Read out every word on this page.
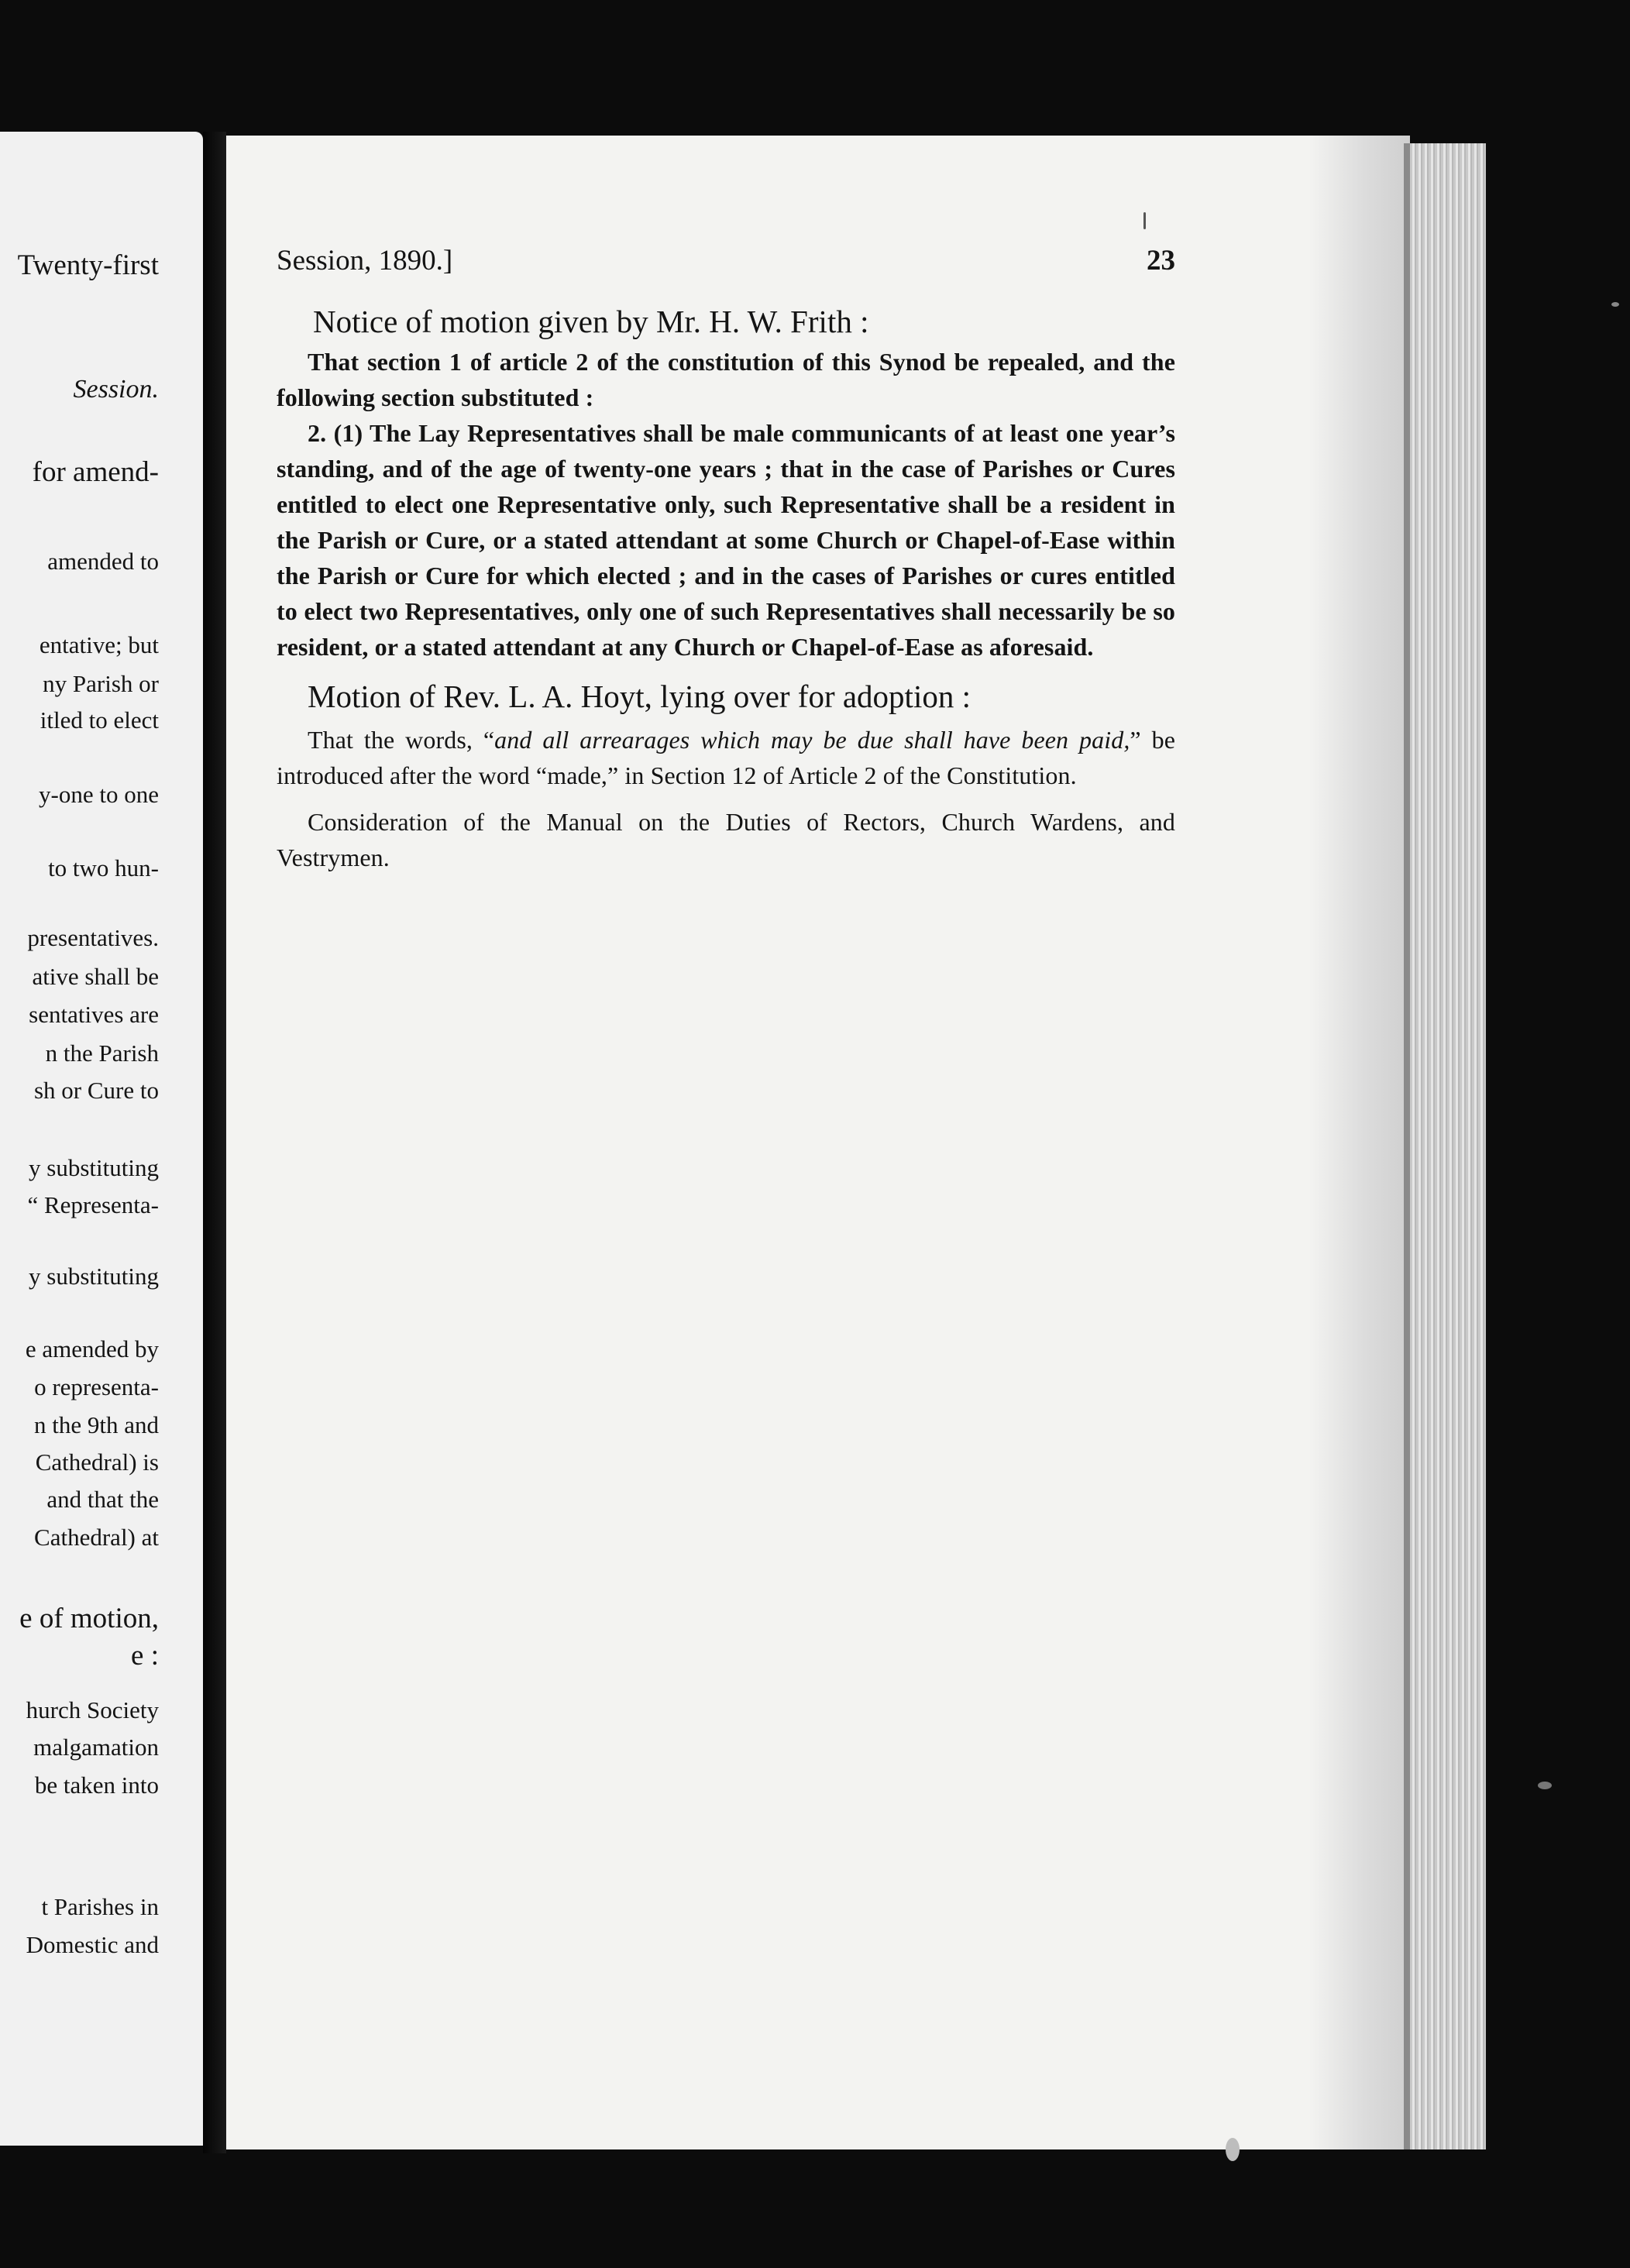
Twenty-first
Session.
for amend-
amended to
entative; but
ny Parish or
itled to elect
y-one to one
to two hun-
presentatives.
ative shall be
sentatives are
n the Parish
sh or Cure to
y substituting
“ Representa-
y substituting
e amended by
o representa-
n the 9th and
Cathedral) is
and that the
Cathedral) at
e of motion,
e :
hurch Society
malgamation
be taken into
t Parishes in
Domestic and
Session, 1890.]	23

Notice of motion given by Mr. H. W. Frith :

That section 1 of article 2 of the constitution of this Synod be repealed, and the following section substituted :

2. (1) The Lay Representatives shall be male communicants of at least one year’s standing, and of the age of twenty-one years ; that in the case of Parishes or Cures entitled to elect one Representative only, such Representative shall be a resident in the Parish or Cure, or a stated attendant at some Church or Chapel-of-Ease within the Parish or Cure for which elected ; and in the cases of Parishes or cures entitled to elect two Representatives, only one of such Representatives shall necessarily be so resident, or a stated attendant at any Church or Chapel-of-Ease as aforesaid.

Motion of Rev. L. A. Hoyt, lying over for adoption :

That the words, “and all arrearages which may be due shall have been paid,” be introduced after the word “made,” in Section 12 of Article 2 of the Constitution.

Consideration of the Manual on the Duties of Rectors, Church Wardens, and Vestrymen.
